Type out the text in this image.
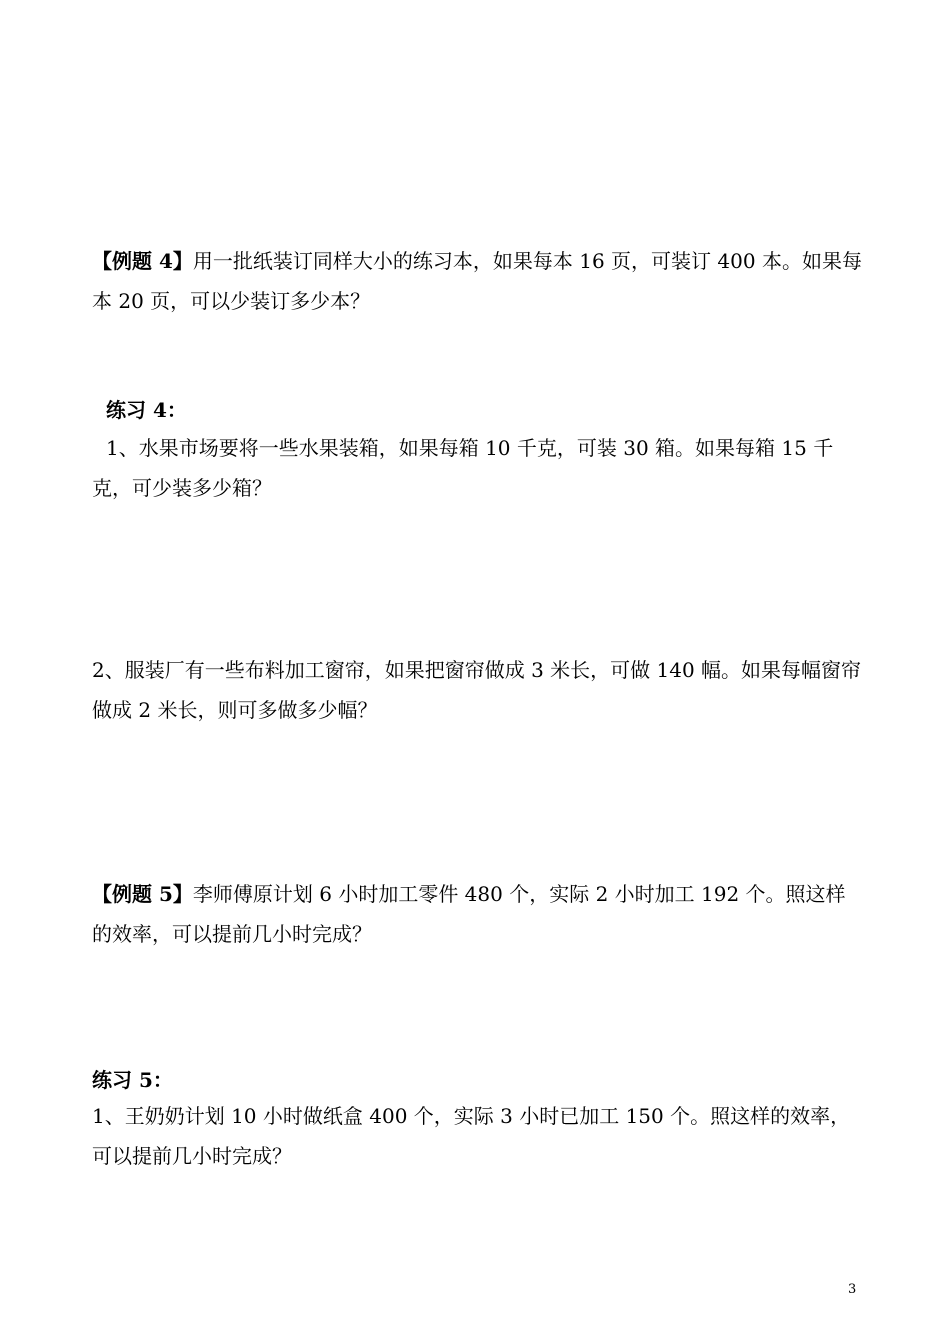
【例题 4】用一批纸装订同样大小的练习本，如果每本 16 页，可装订 400 本。如果每本 20 页，可以少装订多少本？

练习 4：

1、水果市场要将一些水果装箱，如果每箱 10 千克，可装 30 箱。如果每箱 15 千克，可少装多少箱？

2、服装厂有一些布料加工窗帘，如果把窗帘做成 3 米长，可做 140 幅。如果每幅窗帘做成 2 米长，则可多做多少幅？

【例题 5】李师傅原计划 6 小时加工零件 480 个，实际 2 小时加工 192 个。照这样的效率，可以提前几小时完成？

练习 5：

1、王奶奶计划 10 小时做纸盒 400 个，实际 3 小时已加工 150 个。照这样的效率，可以提前几小时完成？

3
